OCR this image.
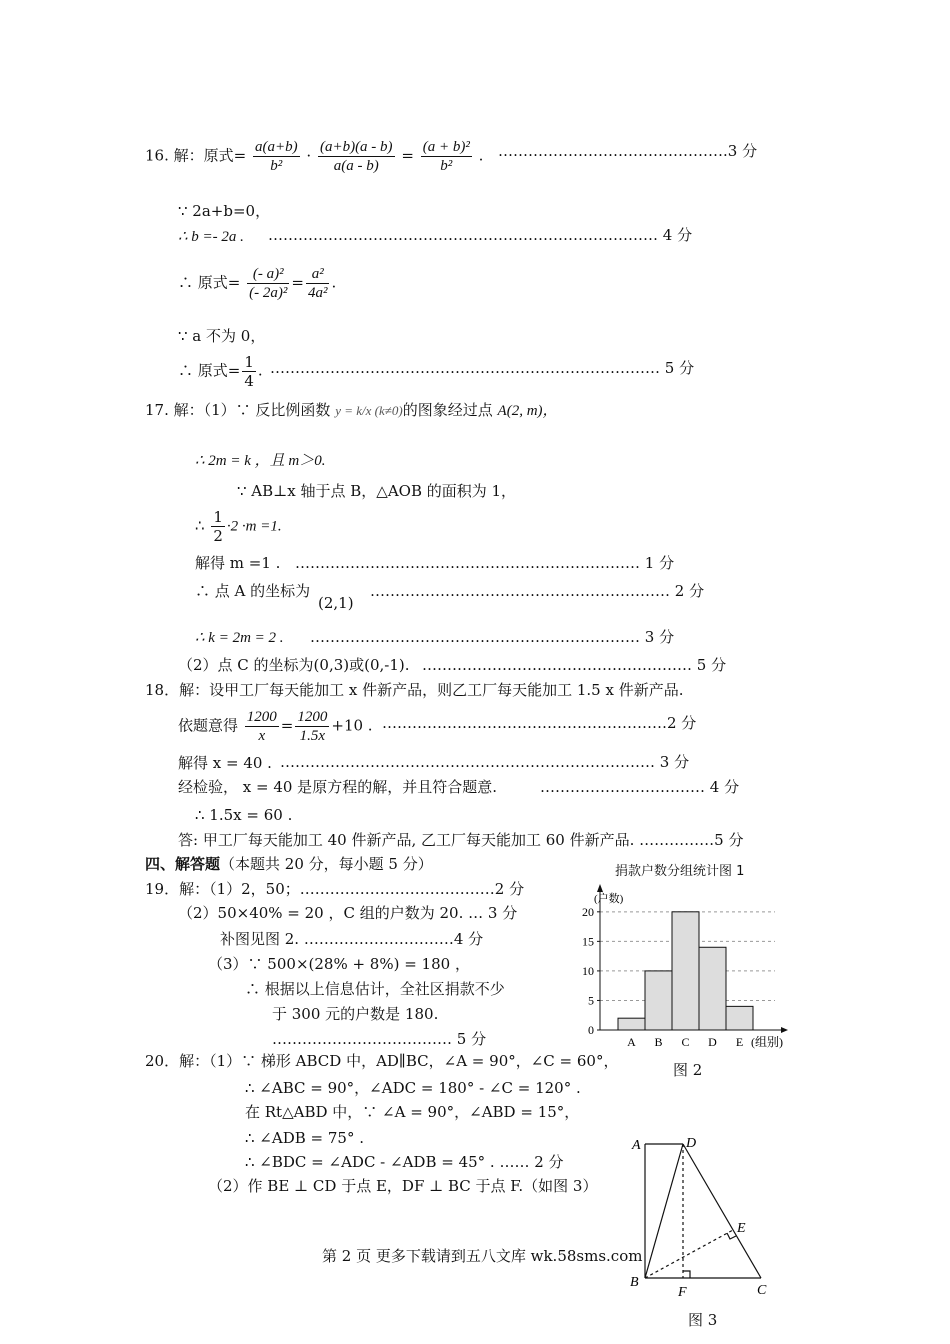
16. 解：原式= $\frac{a(a+b)}{\text{b²}} \cdot \frac{(a+b)(a - b)}{a(a - b)} = \frac{\text{(a + b)²}}{\text{b²}}$ . ……………………………………….3 分
∵ 2a+b=0，
∴ b =- 2a . …………………………………………………………………… 4 分
∴ 原式= $\frac{\text{(- a)²}}{\text{(- 2a)²}} = \frac{\text{a²}}{\text{4a²}}$ .
∵ a 不为 0，
∴ 原式= $\frac{1}{4}$ . …………………………………………………………………… 5 分
17. 解：（1）∵ 反比例函数 y = k/x (k≠0)的图象经过点 A(2, m)，
∴ 2m = k ，且 m＞0.
∵ AB⊥x 轴于点 B，△AOB 的面积为 1，
∴ $\frac{1}{2} \cdot 2 \cdot m =1$.
解得 m =1 . …………………………………………………………… 1 分
∴ 点 A 的坐标为
(2,1)
…………………………………………………… 2 分
∴ k = 2m = 2 . ………………………………………………………… 3 分
（2）点 C 的坐标为(0,3)或(0,-1). ……………………………………………… 5 分
18．解：设甲工厂每天能加工 x 件新产品，则乙工厂每天能加工 1.5 x 件新产品.
依题意得 $\frac{1200}{x} = \frac{1200}{1.5x} +10$ . …………………………………………………2 分
解得 x = 40 . ………………………………………………………………… 3 分
经检验， x = 40 是原方程的解，并且符合题意.	…………………………… 4 分
∴ 1.5x = 60 .
答: 甲工厂每天能加工 40 件新产品, 乙工厂每天能加工 60 件新产品. ……………5 分
四、解答题（本题共 20 分，每小题 5 分）
19．解：（1）2，50；…………………………………2 分
（2）50×40% = 20 ，C 组的户数为 20. … 3 分
补图见图 2. …………………………4 分
（3）∵ 500×(28% + 8%) = 180 ，
∴ 根据以上信息估计，全社区捐款不少
于 300 元的户数是 180.
……………………………… 5 分
捐款户数分组统计图 1
0
5
10
15
20
(户数)
A B C D E (组别)
图 2
20．解：（1）∵ 梯形 ABCD 中，AD∥BC，∠A = 90°，∠C = 60°，
∴ ∠ABC = 90°，∠ADC = 180° - ∠C = 120° .
在 Rt△ABD 中，∵ ∠A = 90°，∠ABD = 15°，
∴ ∠ADB = 75° .
∴ ∠BDC = ∠ADC - ∠ADB = 45° . …… 2 分
（2）作 BE ⊥ CD 于点 E，DF ⊥ BC 于点 F.（如图 3）
A	D
E
B
F	C
图 3
第 2 页 更多下载请到五八文库 wk.58sms.com
